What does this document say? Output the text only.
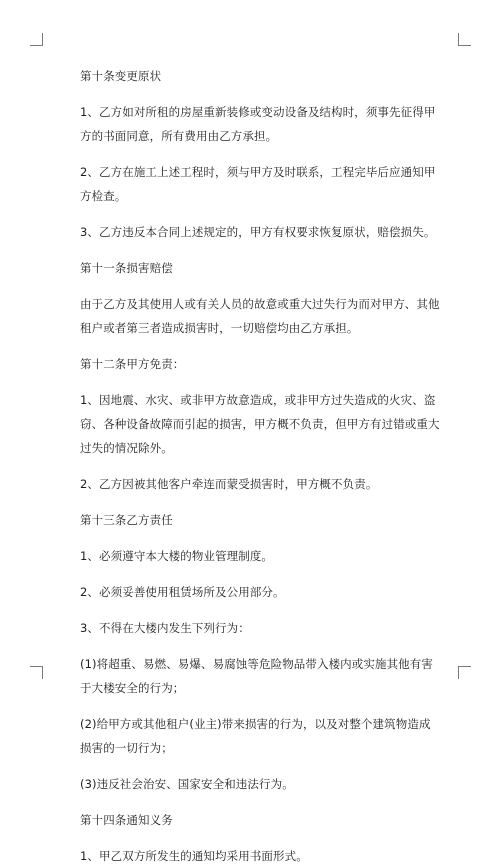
第十条变更原状

1、乙方如对所租的房屋重新装修或变动设备及结构时，须事先征得甲方的书面同意，所有费用由乙方承担。

2、乙方在施工上述工程时，须与甲方及时联系，工程完毕后应通知甲方检查。

3、乙方违反本合同上述规定的，甲方有权要求恢复原状，赔偿损失。

第十一条损害赔偿

由于乙方及其使用人或有关人员的故意或重大过失行为而对甲方、其他租户或者第三者造成损害时，一切赔偿均由乙方承担。

第十二条甲方免责：

1、因地震、水灾、或非甲方故意造成，或非甲方过失造成的火灾、盗窃、各种设备故障而引起的损害，甲方概不负责，但甲方有过错或重大过失的情况除外。

2、乙方因被其他客户牵连而蒙受损害时，甲方概不负责。

第十三条乙方责任

1、必须遵守本大楼的物业管理制度。

2、必须妥善使用租赁场所及公用部分。

3、不得在大楼内发生下列行为：

(1)将超重、易燃、易爆、易腐蚀等危险物品带入楼内或实施其他有害于大楼安全的行为；

(2)给甲方或其他租户(业主)带来损害的行为，以及对整个建筑物造成损害的一切行为；

(3)违反社会治安、国家安全和违法行为。

第十四条通知义务

1、甲乙双方所发生的通知均采用书面形式。
